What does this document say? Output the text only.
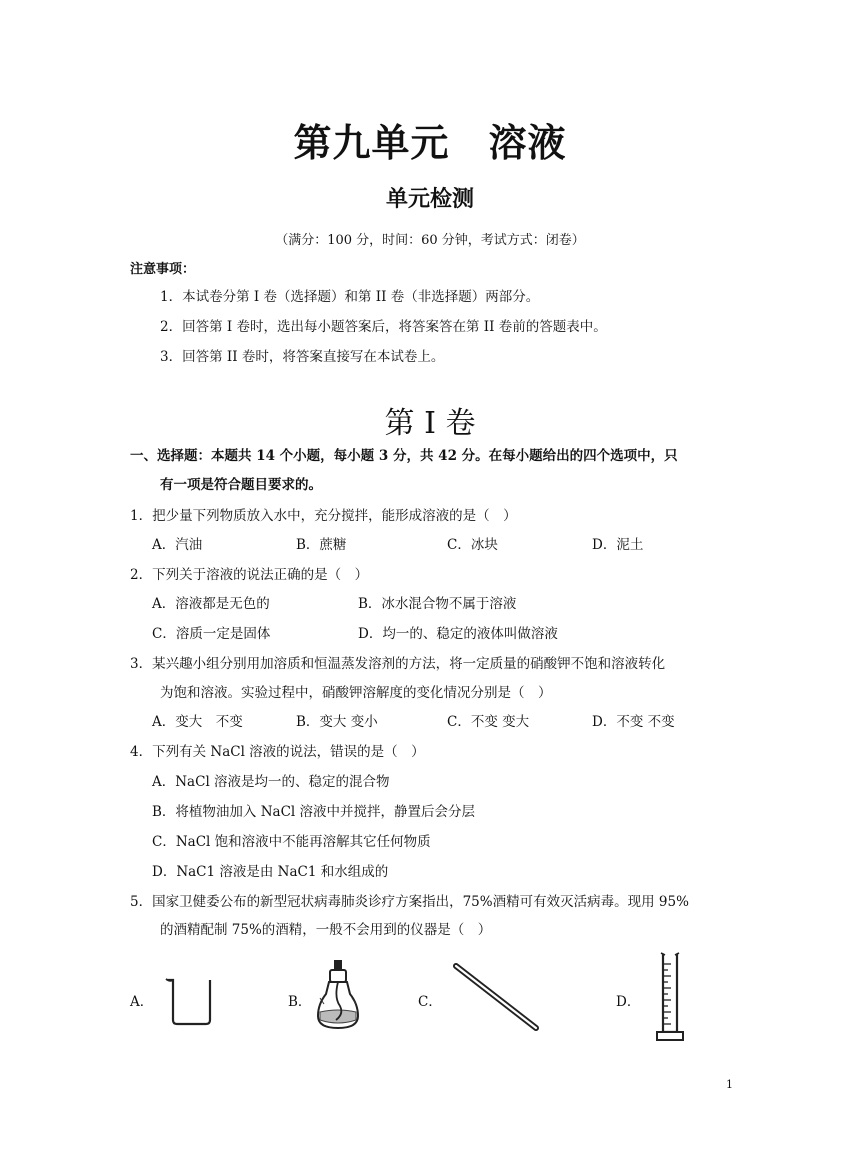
第九单元　溶液
单元检测
（满分：100 分，时间：60 分钟，考试方式：闭卷）
注意事项：
1．本试卷分第 I 卷（选择题）和第 II 卷（非选择题）两部分。
2．回答第 I 卷时，选出每小题答案后，将答案答在第 II 卷前的答题表中。
3．回答第 II 卷时，将答案直接写在本试卷上。
第 I 卷
一、选择题：本题共 14 个小题，每小题 3 分，共 42 分。在每小题给出的四个选项中，只
有一项是符合题目要求的。
1．把少量下列物质放入水中，充分搅拌，能形成溶液的是（　）
A．汽油	B．蔗糖	C．冰块	D．泥土
2．下列关于溶液的说法正确的是（　）
A．溶液都是无色的	B．冰水混合物不属于溶液
C．溶质一定是固体	D．均一的、稳定的液体叫做溶液
3．某兴趣小组分别用加溶质和恒温蒸发溶剂的方法，将一定质量的硝酸钾不饱和溶液转化
为饱和溶液。实验过程中，硝酸钾溶解度的变化情况分别是（　）
A．变大　不变	B．变大 变小	C．不变 变大	D．不变 不变
4．下列有关 NaCl 溶液的说法，错误的是（　）
A．NaCl 溶液是均一的、稳定的混合物
B．将植物油加入 NaCl 溶液中并搅拌，静置后会分层
C．NaCl 饱和溶液中不能再溶解其它任何物质
D．NaC1 溶液是由 NaC1 和水组成的
5．国家卫健委公布的新型冠状病毒肺炎诊疗方案指出，75%酒精可有效灭活病毒。现用 95%
的酒精配制 75%的酒精，一般不会用到的仪器是（　）
A．	B．	C．	D．
1
